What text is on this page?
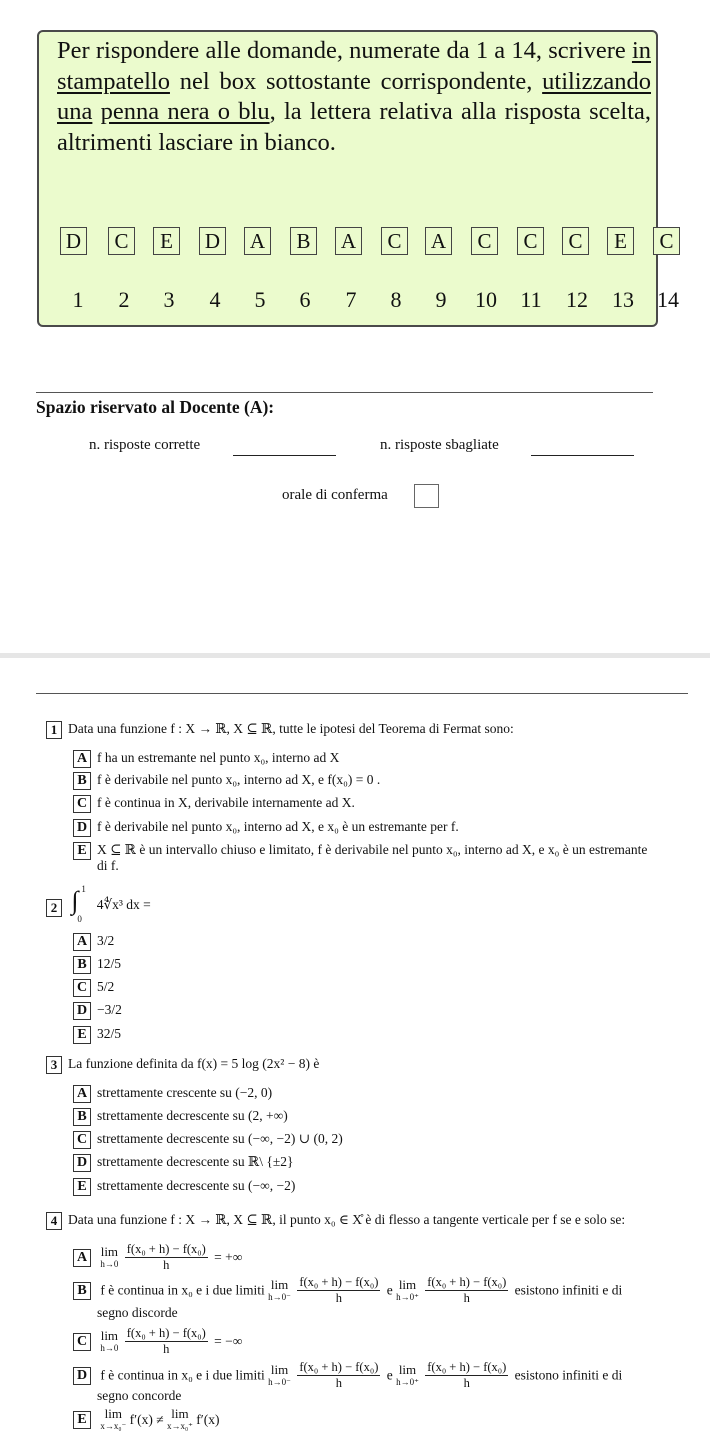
Per rispondere alle domande, numerate da 1 a 14, scrivere in stampatello nel box sottostante corrispondente, utilizzando una penna nera o blu, la lettera relativa alla risposta scelta, altrimenti lasciare in bianco.
D	C	E	D A	B	A	C	A	C	C	C	E	C
1	2	3	4	5	6	7	8	9	10	11	12	13	14
Spazio riservato al Docente (A):
n. risposte corrette	n. risposte sbagliate
orale di conferma
1 Data una funzione f : X → ℝ, X ⊆ ℝ, tutte le ipotesi del Teorema di Fermat sono:
A f ha un estremante nel punto x₀, interno ad X
B f è derivabile nel punto x₀, interno ad X, e f(x₀) = 0 .
C f è continua in X, derivabile internamente ad X.
D f è derivabile nel punto x₀, interno ad X, e x₀ è un estremante per f.
E X ⊆ ℝ è un intervallo chiuso e limitato, f è derivabile nel punto x₀, interno ad X, e x₀ è un estremante
di f.
2 ∫ 1
0
4∜x³ dx =
A 3/2
B 12/5
C 5/2
D −3/2
E 32/5
3 La funzione definita da f(x) = 5 log (2x² − 8) è
A strettamente crescente su (−2, 0)
B strettamente decrescente su (2, +∞)
C strettamente decrescente su (−∞, −2) ∪ (0, 2)
D strettamente decrescente su ℝ\ {±2}
E strettamente decrescente su (−∞, −2)
4 Data una funzione f : X → ℝ, X ⊆ ℝ, il punto x₀ ∈ X̊ è di flesso a tangente verticale per f se e solo se:
A lim
h→0
$\frac{\text{f(x₀ + h) − f(x₀)}}{h}$ = +∞
B f è continua in x₀ e i due limiti lim
h→0⁻
$\frac{\text{f(x₀ + h) − f(x₀)}}{h}$ e lim
h→0⁺
$\frac{\text{f(x₀ + h) − f(x₀)}}{h}$ esistono infiniti e di
segno discorde
C lim
h→0
$\frac{\text{f(x₀ + h) − f(x₀)}}{h}$ = −∞
D f è continua in x₀ e i due limiti lim
h→0⁻
$\frac{\text{f(x₀ + h) − f(x₀)}}{h}$ e lim
h→0⁺
$\frac{\text{f(x₀ + h) − f(x₀)}}{h}$ esistono infiniti e di
segno concorde
E lim
x→x₀⁻ f′(x) ≠ lim
x→x₀⁺ f′(x)
